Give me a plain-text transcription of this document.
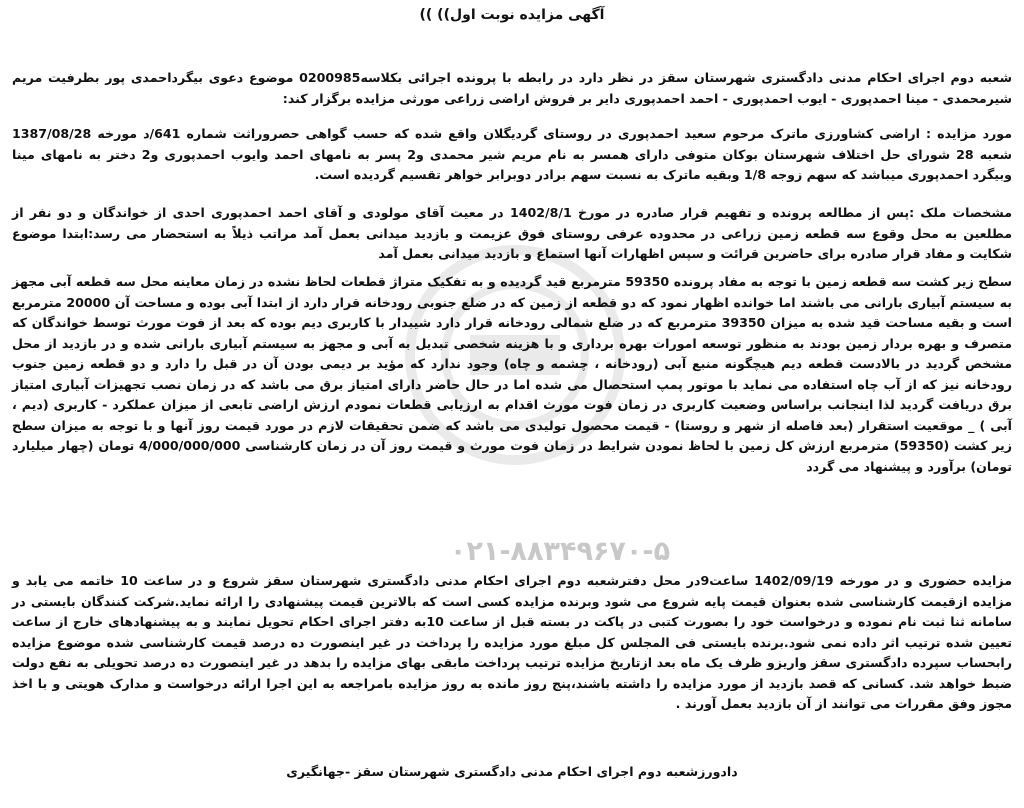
آگهی مزایده نوبت اول)) ))

شعبه دوم اجرای احکام مدنی دادگستری شهرستان سقز در نظر دارد در رابطه با پرونده اجرائی بکلاسه0200985 موضوع دعوی بیگرداحمدی پور بطرفیت مریم شیرمحمدی - مینا احمدپوری - ایوب احمدپوری - احمد احمدپوری دایر بر فروش اراضی زراعی مورثی مزایده برگزار کند:

مورد مزایده : اراضی کشاورزی ماترک مرحوم سعید احمدپوری در روستای گردیگلان واقع شده که حسب گواهی حصروراثت شماره 641/د مورخه 1387/08/28 شعبه 28 شورای حل اختلاف شهرستان بوکان متوفی دارای همسر به نام مریم شیر محمدی و2 پسر به نامهای احمد وایوب احمدپوری و2 دختر به نامهای مینا وبیگرد احمدپوری میباشد که سهم زوجه 1/8 وبقیه ماترک به نسبت سهم برادر دوبرابر خواهر تقسیم گردیده است.

مشخصات ملک :پس از مطالعه پرونده و تفهیم قرار صادره در مورخ 1402/8/1 در معیت آقای مولودی و آقای احمد احمدپوری احدی از خواندگان و دو نفر از مطلعین به محل وقوع سه قطعه زمین زراعی در محدوده عرفی روستای فوق عزیمت و بازدید میدانی بعمل آمد مراتب ذیلاً به استحضار می رسد:ابتدا موضوع شکایت و مفاد قرار صادره برای حاضرین قرائت و سپس اظهارات آنها استماع و بازدید میدانی بعمل آمد

سطح زیر کشت سه قطعه زمین با توجه به مفاد پرونده 59350 مترمربع قید گردیده و به تفکیک متراژ قطعات لحاظ نشده در زمان معاینه محل سه قطعه آبی مجهز به سیستم آبیاری بارانی می باشند اما خوانده اظهار نمود که دو قطعه از زمین که در ضلع جنوبی رودخانه قرار دارد از ابتدا آبی بوده و مساحت آن 20000 مترمربع است و بقیه مساحت قید شده به میزان 39350 مترمربع که در ضلع شمالی رودخانه قرار دارد شیبدار با کاربری دیم بوده که بعد از فوت مورث توسط خواندگان که متصرف و بهره بردار زمین بودند به منظور توسعه امورات بهره برداری و با هزینه شخصی تبدیل به آبی و مجهز به سیستم آبیاری بارانی شده و در بازدید از محل مشخص گردید در بالادست قطعه دیم هیچگونه منبع آبی (رودخانه ، چشمه و چاه) وجود ندارد که مؤید بر دیمی بودن آن در قبل را دارد و دو قطعه زمین جنوب رودخانه نیز که از آب چاه استفاده می نماید با موتور پمپ استحصال می شده اما در حال حاضر دارای امتیاز برق می باشد که در زمان نصب تجهیزات آبیاری امتیاز برق دریافت گردید لذا اینجانب براساس وضعیت کاربری در زمان فوت مورث اقدام به ارزیابی قطعات نمودم ارزش اراضی تابعی از میزان عملکرد - کاربری (دیم ، آبی ) _ موقعیت استقرار (بعد فاصله از شهر و روستا) - قیمت محصول تولیدی می باشد که ضمن تحقیقات لازم در مورد قیمت روز آنها و با توجه به میزان سطح زیر کشت (59350) مترمربع ارزش کل زمین با لحاظ نمودن شرایط در زمان فوت مورث و قیمت روز آن در زمان کارشناسی 4/000/000/000 تومان (چهار میلیارد تومان) برآورد و پیشنهاد می گردد

۰۲۱-۸۸۳۴۹۶۷۰-۵

مزایده حضوری و در مورخه 1402/09/19 ساعت9در محل دفترشعبه دوم اجرای احکام مدنی دادگستری شهرستان سقز شروع و در ساعت 10 خاتمه می یابد و مزایده ازقیمت کارشناسی شده بعنوان قیمت پایه شروع می شود وبرنده مزایده کسی است که بالاترین قیمت پیشنهادی را ارائه نماید.شرکت کنندگان بایستی در سامانه ثنا ثبت نام نموده و درخواست خود را بصورت کتبی در پاکت در بسته قبل از ساعت 10به دفتر اجرای احکام تحویل نمایند و به پیشنهادهای خارج از ساعت تعیین شده ترتیب اثر داده نمی شود.برنده بایستی فی المجلس کل مبلغ مورد مزایده را پرداخت در غیر اینصورت ده درصد قیمت کارشناسی شده موضوع مزایده رابحساب سپرده دادگستری سقز واریزو ظرف یک ماه بعد ازتاریخ مزایده ترتیب پرداخت مابقی بهای مزایده را بدهد در غیر اینصورت ده درصد تحویلی به نفع دولت ضبط خواهد شد. کسانی که قصد بازدید از مورد مزایده را داشته باشند،پنج روز مانده به روز مزایده بامراجعه به این اجرا ارائه درخواست و مدارک هویتی و با اخذ مجوز وفق مقررات می توانند از آن بازدید بعمل آورند .

دادورزشعبه دوم اجرای احکام مدنی دادگستری شهرستان سقز -جهانگیری
